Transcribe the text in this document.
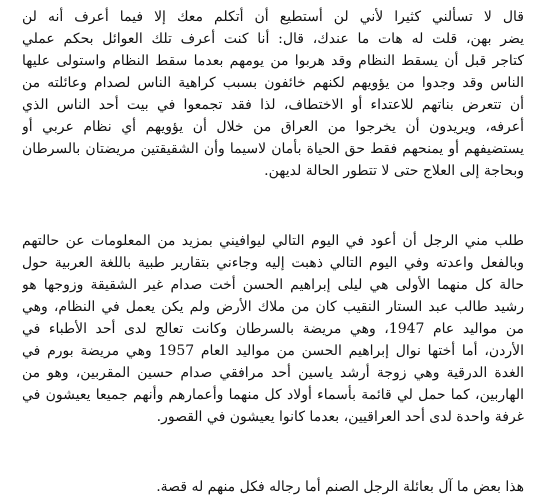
قال لا تسألني كثيرا لأني لن أستطيع أن أتكلم معك إلا فيما أعرف أنه لن
يضر بهن، قلت له هات ما عندك، قال: أنا كنت أعرف تلك العوائل بحكم عملي
كتاجر قبل أن يسقط النظام وقد هربوا من يومهم بعدما سقط النظام واستولى عليها
الناس وقد وجدوا من يؤويهم لكنهم خائفون بسبب كراهية الناس لصدام وعائلته من
أن تتعرض بناتهم للاعتداء أو الاختطاف، لذا فقد تجمعوا في بيت أحد الناس الذي
أعرفه، ويريدون أن يخرجوا من العراق من خلال أن يؤويهم أي نظام عربي أو
يستضيفهم أو يمنحهم فقط حق الحياة بأمان لاسيما وأن الشقيقتين مريضتان بالسرطان
وبحاجة إلى العلاج حتى لا تتطور الحالة لديهن.
طلب مني الرجل أن أعود في اليوم التالي ليوافيني بمزيد من المعلومات عن حالتهم
وبالفعل واعدته وفي اليوم التالي ذهبت إليه وجاءني بتقارير طبية باللغة العربية حول
حالة كل منهما الأولى هي ليلى إبراهيم الحسن أخت صدام غير الشقيقة وزوجها هو
رشيد طالب عبد الستار النقيب كان من ملاك الأرض ولم يكن يعمل في النظام، وهي
من مواليد عام 1947، وهي مريضة بالسرطان وكانت تعالج لدى أحد الأطباء في
الأردن، أما أختها نوال إبراهيم الحسن من مواليد العام 1957 وهي مريضة بورم في
الغدة الدرقية وهي زوجة أرشد ياسين أحد مرافقي صدام حسين المقربين، وهو من
الهاربين، كما حمل لي قائمة بأسماء أولاد كل منهما وأعمارهم وأنهم جميعا يعيشون في
غرفة واحدة لدى أحد العراقيين، بعدما كانوا يعيشون في القصور.
هذا بعض ما آل بعائلة الرجل الصنم أما رجاله فكل منهم له قصة.
